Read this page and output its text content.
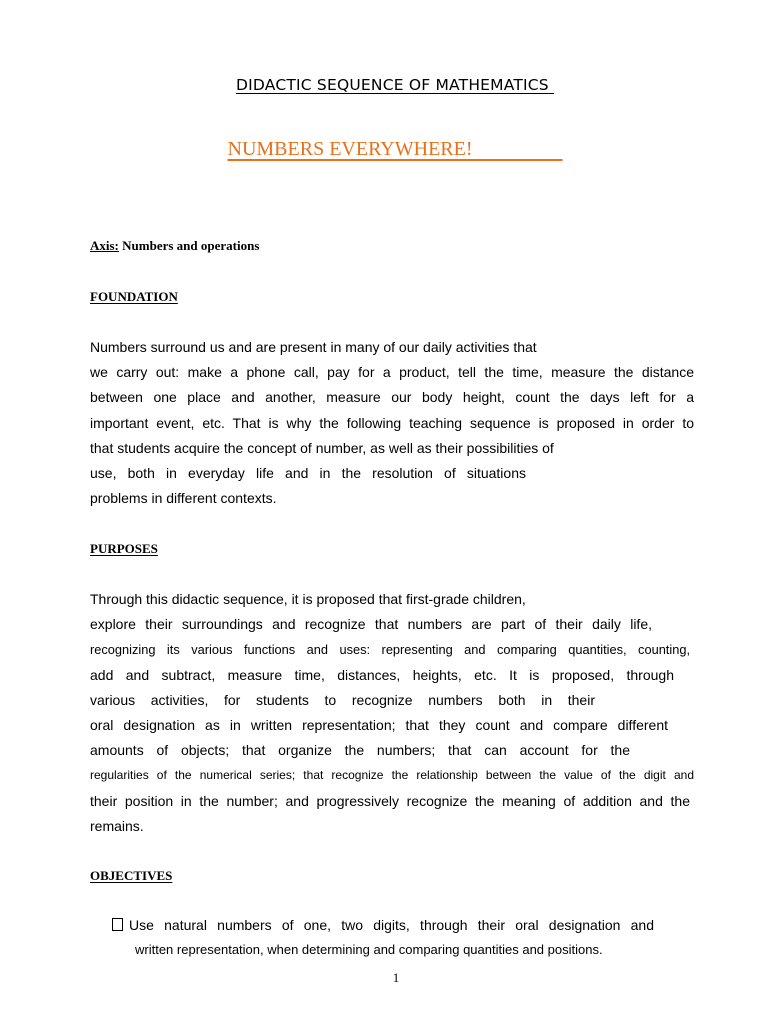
DIDACTIC SEQUENCE OF MATHEMATICS
NUMBERS EVERYWHERE!
Axis: Numbers and operations
FOUNDATION
Numbers surround us and are present in many of our daily activities that
we carry out: make a phone call, pay for a product, tell the time, measure the distance
between one place and another, measure our body height, count the days left for a
important event, etc. That is why the following teaching sequence is proposed in order to
that students acquire the concept of number, as well as their possibilities of
use, both in everyday life and in the resolution of situations
problems in different contexts.
PURPOSES
Through this didactic sequence, it is proposed that first-grade children,
explore their surroundings and recognize that numbers are part of their daily life,
recognizing its various functions and uses: representing and comparing quantities, counting,
add and subtract, measure time, distances, heights, etc. It is proposed, through
various activities, for students to recognize numbers both in their
oral designation as in written representation; that they count and compare different
amounts of objects; that organize the numbers; that can account for the
regularities of the numerical series; that recognize the relationship between the value of the digit and
their position in the number; and progressively recognize the meaning of addition and the
remains.
OBJECTIVES
Use natural numbers of one, two digits, through their oral designation and
written representation, when determining and comparing quantities and positions.
1
